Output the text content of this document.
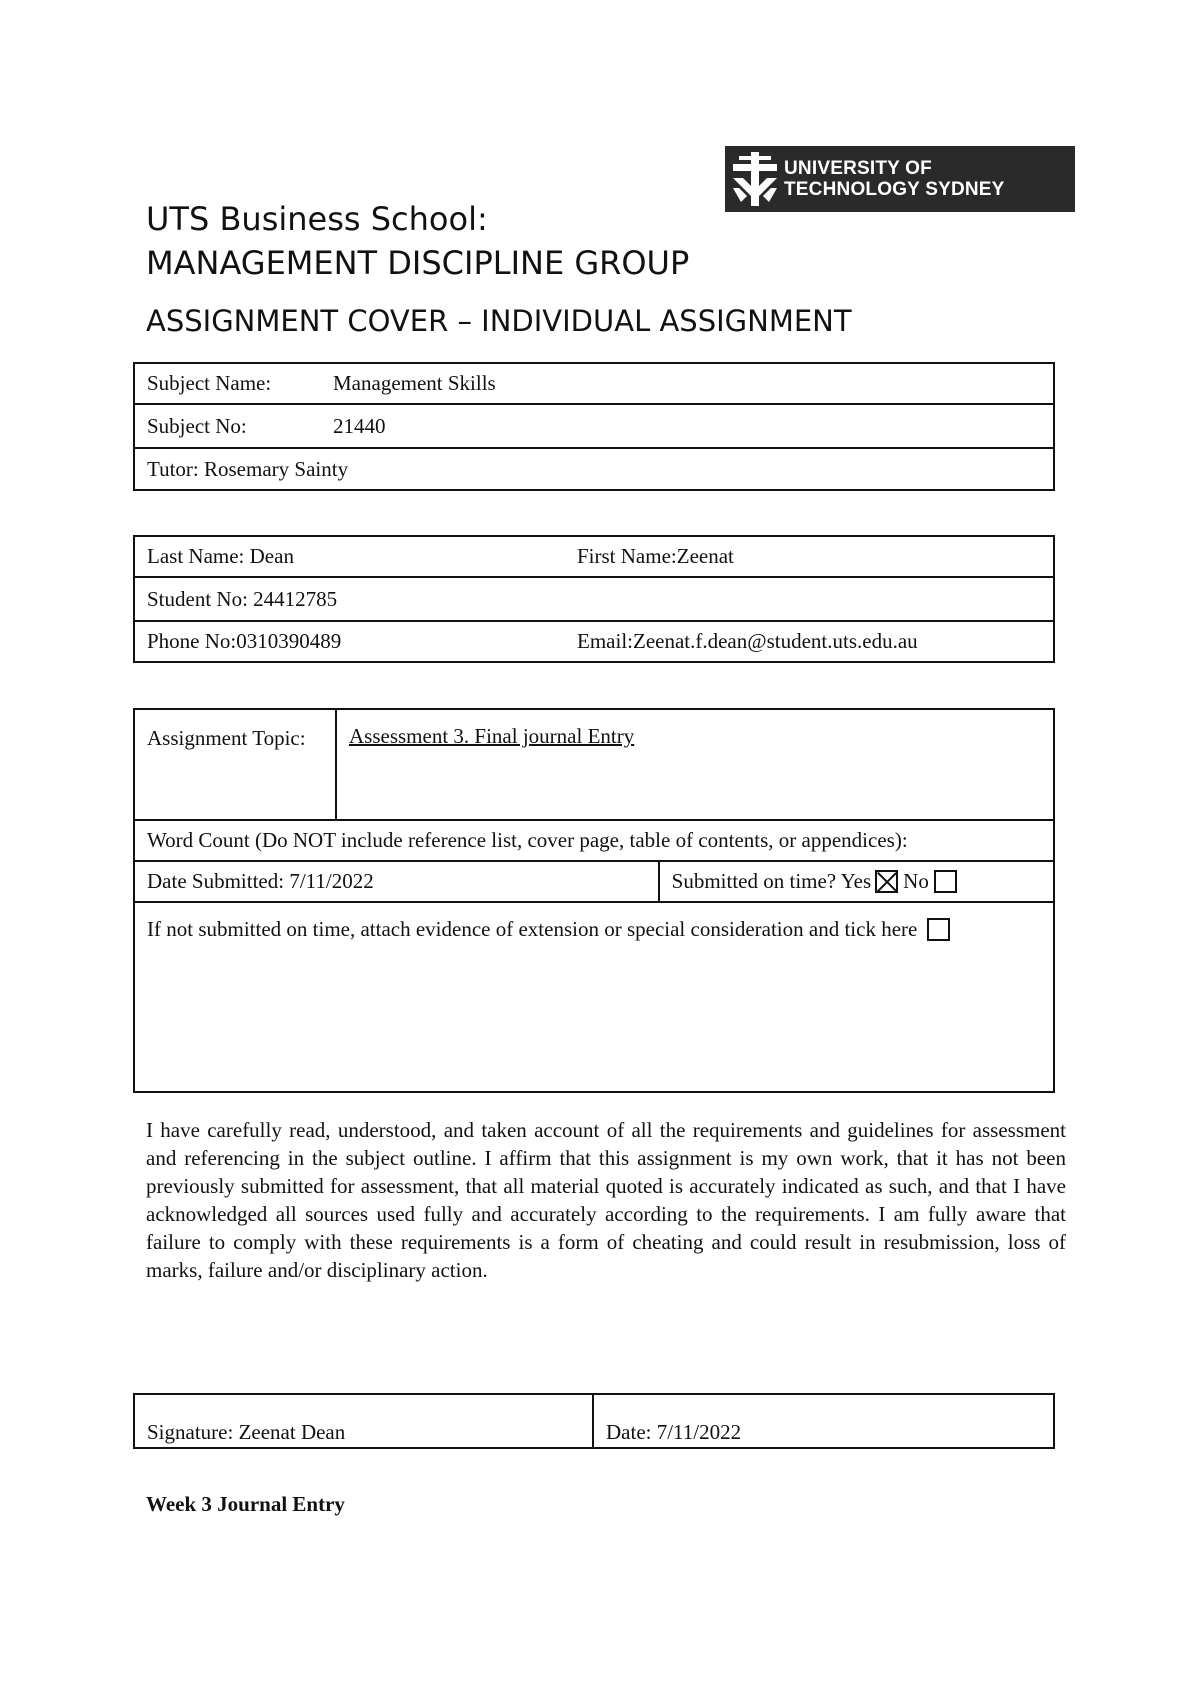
UNIVERSITY OF
TECHNOLOGY SYDNEY
UTS Business School:
MANAGEMENT DISCIPLINE GROUP
ASSIGNMENT COVER – INDIVIDUAL ASSIGNMENT
Subject Name:	Management Skills
Subject No:	21440
Tutor: Rosemary Sainty
Last Name: Dean	First Name:Zeenat
Student No: 24412785	
Phone No:0310390489	Email:Zeenat.f.dean@student.uts.edu.au
Assignment Topic:	Assessment 3. Final journal Entry	
Word Count (Do NOT include reference list, cover page, table of contents, or appendices):		
Date Submitted: 7/11/2022		Submitted on time? Yes No
If not submitted on time, attach evidence of extension or special consideration and tick here		
I have carefully read, understood, and taken account of all the requirements and guidelines for assessment and referencing in the subject outline. I affirm that this assignment is my own work, that it has not been previously submitted for assessment, that all material quoted is accurately indicated as such, and that I have acknowledged all sources used fully and accurately according to the requirements. I am fully aware that failure to comply with these requirements is a form of cheating and could result in resubmission, loss of marks, failure and/or disciplinary action.
Signature: Zeenat Dean	Date: 7/11/2022
Week 3 Journal Entry
